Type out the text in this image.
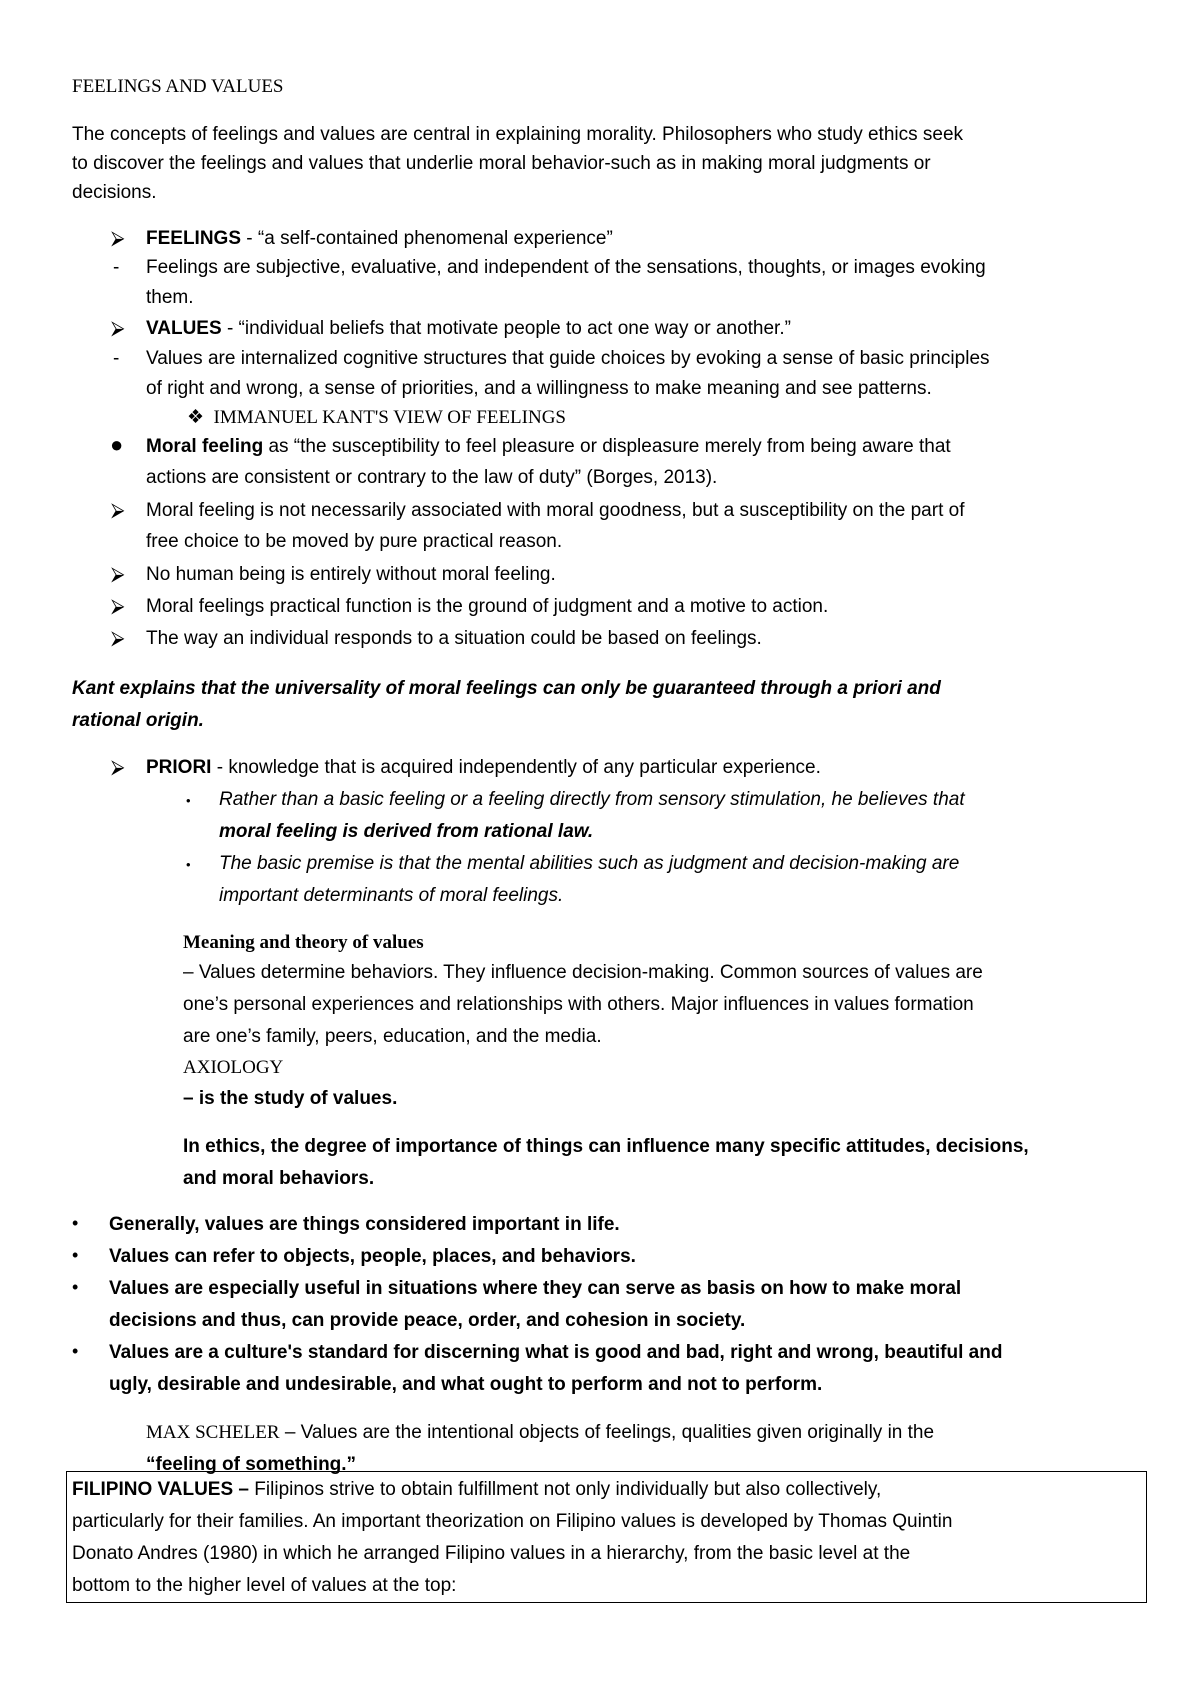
FEELINGS AND VALUES
The concepts of feelings and values are central in explaining morality. Philosophers who study ethics seek
to discover the feelings and values that underlie moral behavior-such as in making moral judgments or
decisions.
⮚ FEELINGS - “a self-contained phenomenal experience”
- Feelings are subjective, evaluative, and independent of the sensations, thoughts, or images evoking
them.
⮚ VALUES - “individual beliefs that motivate people to act one way or another.”
- Values are internalized cognitive structures that guide choices by evoking a sense of basic principles
of right and wrong, a sense of priorities, and a willingness to make meaning and see patterns.
❖ IMMANUEL KANT'S VIEW OF FEELINGS
● Moral feeling as “the susceptibility to feel pleasure or displeasure merely from being aware that
actions are consistent or contrary to the law of duty” (Borges, 2013).
⮚ Moral feeling is not necessarily associated with moral goodness, but a susceptibility on the part of
free choice to be moved by pure practical reason.
⮚ No human being is entirely without moral feeling.
⮚ Moral feelings practical function is the ground of judgment and a motive to action.
⮚ The way an individual responds to a situation could be based on feelings.
Kant explains that the universality of moral feelings can only be guaranteed through a priori and
rational origin.
⮚ PRIORI - knowledge that is acquired independently of any particular experience.
• Rather than a basic feeling or a feeling directly from sensory stimulation, he believes that
moral feeling is derived from rational law.
• The basic premise is that the mental abilities such as judgment and decision-making are
important determinants of moral feelings.
Meaning and theory of values
– Values determine behaviors. They influence decision-making. Common sources of values are
one’s personal experiences and relationships with others. Major influences in values formation
are one’s family, peers, education, and the media.
AXIOLOGY
– is the study of values.
In ethics, the degree of importance of things can influence many specific attitudes, decisions,
and moral behaviors.
• Generally, values are things considered important in life.
• Values can refer to objects, people, places, and behaviors.
• Values are especially useful in situations where they can serve as basis on how to make moral
decisions and thus, can provide peace, order, and cohesion in society.
• Values are a culture's standard for discerning what is good and bad, right and wrong, beautiful and
ugly, desirable and undesirable, and what ought to perform and not to perform.
MAX SCHELER – Values are the intentional objects of feelings, qualities given originally in the
“feeling of something.”
FILIPINO VALUES – Filipinos strive to obtain fulfillment not only individually but also collectively,
particularly for their families. An important theorization on Filipino values is developed by Thomas Quintin
Donato Andres (1980) in which he arranged Filipino values in a hierarchy, from the basic level at the
bottom to the higher level of values at the top:
